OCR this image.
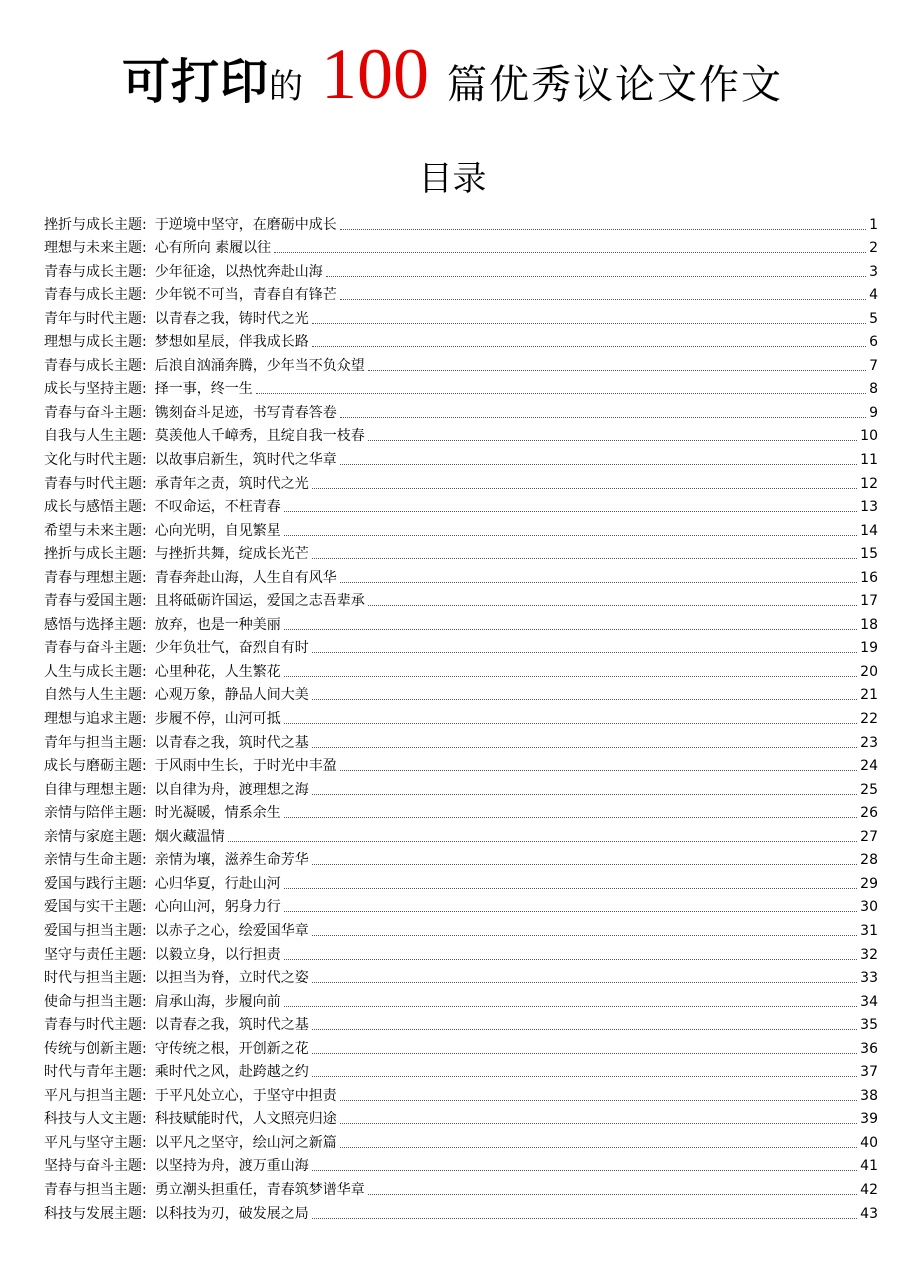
可打印的 100 篇优秀议论文作文
目录
挫折与成长主题 : 于逆境中坚守，在磨砺中成长	1
理想与未来主题 : 心有所向 素履以往	2
青春与成长主题 : 少年征途，以热忱奔赴山海	3
青春与成长主题 : 少年锐不可当，青春自有锋芒	4
青年与时代主题 : 以青春之我，铸时代之光	5
理想与成长主题 : 梦想如星辰，伴我成长路	6
青春与成长主题 : 后浪自汹涌奔腾，少年当不负众望	7
成长与坚持主题 : 择一事，终一生	8
青春与奋斗主题 : 镌刻奋斗足迹，书写青春答卷	9
自我与人生主题 : 莫羡他人千嶂秀，且绽自我一枝春	10
文化与时代主题 : 以故事启新生，筑时代之华章	11
青春与时代主题 : 承青年之责，筑时代之光	12
成长与感悟主题 : 不叹命运，不枉青春	13
希望与未来主题 : 心向光明，自见繁星	14
挫折与成长主题 : 与挫折共舞，绽成长光芒	15
青春与理想主题 : 青春奔赴山海，人生自有风华	16
青春与爱国主题 : 且将砥砺许国运，爱国之志吾辈承	17
感悟与选择主题 : 放弃，也是一种美丽	18
青春与奋斗主题 : 少年负壮气，奋烈自有时	19
人生与成长主题 : 心里种花，人生繁花	20
自然与人生主题 : 心观万象，静品人间大美	21
理想与追求主题 : 步履不停，山河可抵	22
青年与担当主题 : 以青春之我，筑时代之基	23
成长与磨砺主题 : 于风雨中生长，于时光中丰盈	24
自律与理想主题 : 以自律为舟，渡理想之海	25
亲情与陪伴主题 : 时光凝暖，情系余生	26
亲情与家庭主题 : 烟火藏温情	27
亲情与生命主题 : 亲情为壤，滋养生命芳华	28
爱国与践行主题 : 心归华夏，行赴山河	29
爱国与实干主题 : 心向山河，躬身力行	30
爱国与担当主题 : 以赤子之心，绘爱国华章	31
坚守与责任主题 : 以毅立身，以行担责	32
时代与担当主题 : 以担当为脊，立时代之姿	33
使命与担当主题 : 肩承山海，步履向前	34
青春与时代主题 : 以青春之我，筑时代之基	35
传统与创新主题 : 守传统之根，开创新之花	36
时代与青年主题 : 乘时代之风，赴跨越之约	37
平凡与担当主题 : 于平凡处立心，于坚守中担责	38
科技与人文主题 : 科技赋能时代，人文照亮归途	39
平凡与坚守主题 : 以平凡之坚守，绘山河之新篇	40
坚持与奋斗主题 : 以坚持为舟，渡万重山海	41
青春与担当主题 : 勇立潮头担重任，青春筑梦谱华章	42
科技与发展主题 : 以科技为刃，破发展之局	43
